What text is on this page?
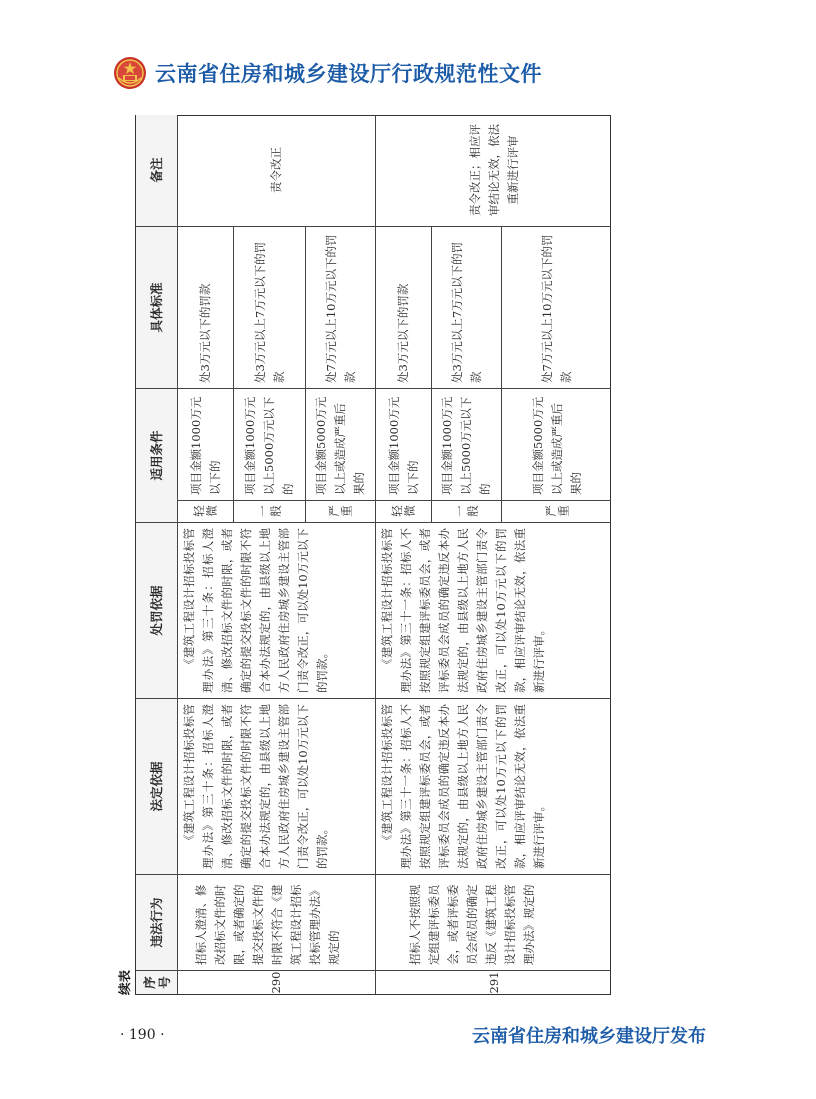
云南省住房和城乡建设厅行政规范性文件
续表 序号
违法行为
法定依据
处罚依据
适用条件
具体标准
备注
290
招标人澄清、修改招标文件的时限，或者确定的提交投标文件的时限不符合《建筑工程设计招标投标管理办法》规定的
《建筑工程设计招标投标管理办法》第三十条：招标人澄清、修改招标文件的时限，或者确定的提交投标文件的时限不符合本办法规定的，由县级以上地方人民政府住房城乡建设主管部门责令改正，可以处10万元以下的罚款。
《建筑工程设计招标投标管理办法》第三十条：招标人澄清、修改招标文件的时限，或者确定的提交投标文件的时限不符合本办法规定的，由县级以上地方人民政府住房城乡建设主管部门责令改正，可以处10万元以下的罚款。
轻微
项目金额1000万元以下的
处3万元以下的罚款
一般
项目金额1000万元以上5000万元以下的
处3万元以上7万元以下的罚款
严重
项目金额5000万元以上或造成严重后果的
处7万元以上10万元以下的罚款
责令改正
291
招标人不按照规定组建评标委员会，或者评标委员会成员的确定违反《建筑工程设计招标投标管理办法》规定的
《建筑工程设计招标投标管理办法》第三十一条：招标人不按照规定组建评标委员会，或者评标委员会成员的确定违反本办法规定的，由县级以上地方人民政府住房城乡建设主管部门责令改正，可以处10万元以下的罚款，相应评审结论无效，依法重新进行评审。
《建筑工程设计招标投标管理办法》第三十一条：招标人不按照规定组建评标委员会，或者评标委员会成员的确定违反本办法规定的，由县级以上地方人民政府住房城乡建设主管部门责令改正，可以处10万元以下的罚款，相应评审结论无效，依法重新进行评审。
轻微
项目金额1000万元以下的
处3万元以下的罚款
一般
项目金额1000万元以上5000万元以下的
处3万元以上7万元以下的罚款
严重
项目金额5000万元以上或造成严重后果的
处7万元以上10万元以下的罚款
责令改正；相应评审结论无效，依法重新进行评审
· 190 ·	云南省住房和城乡建设厅发布
